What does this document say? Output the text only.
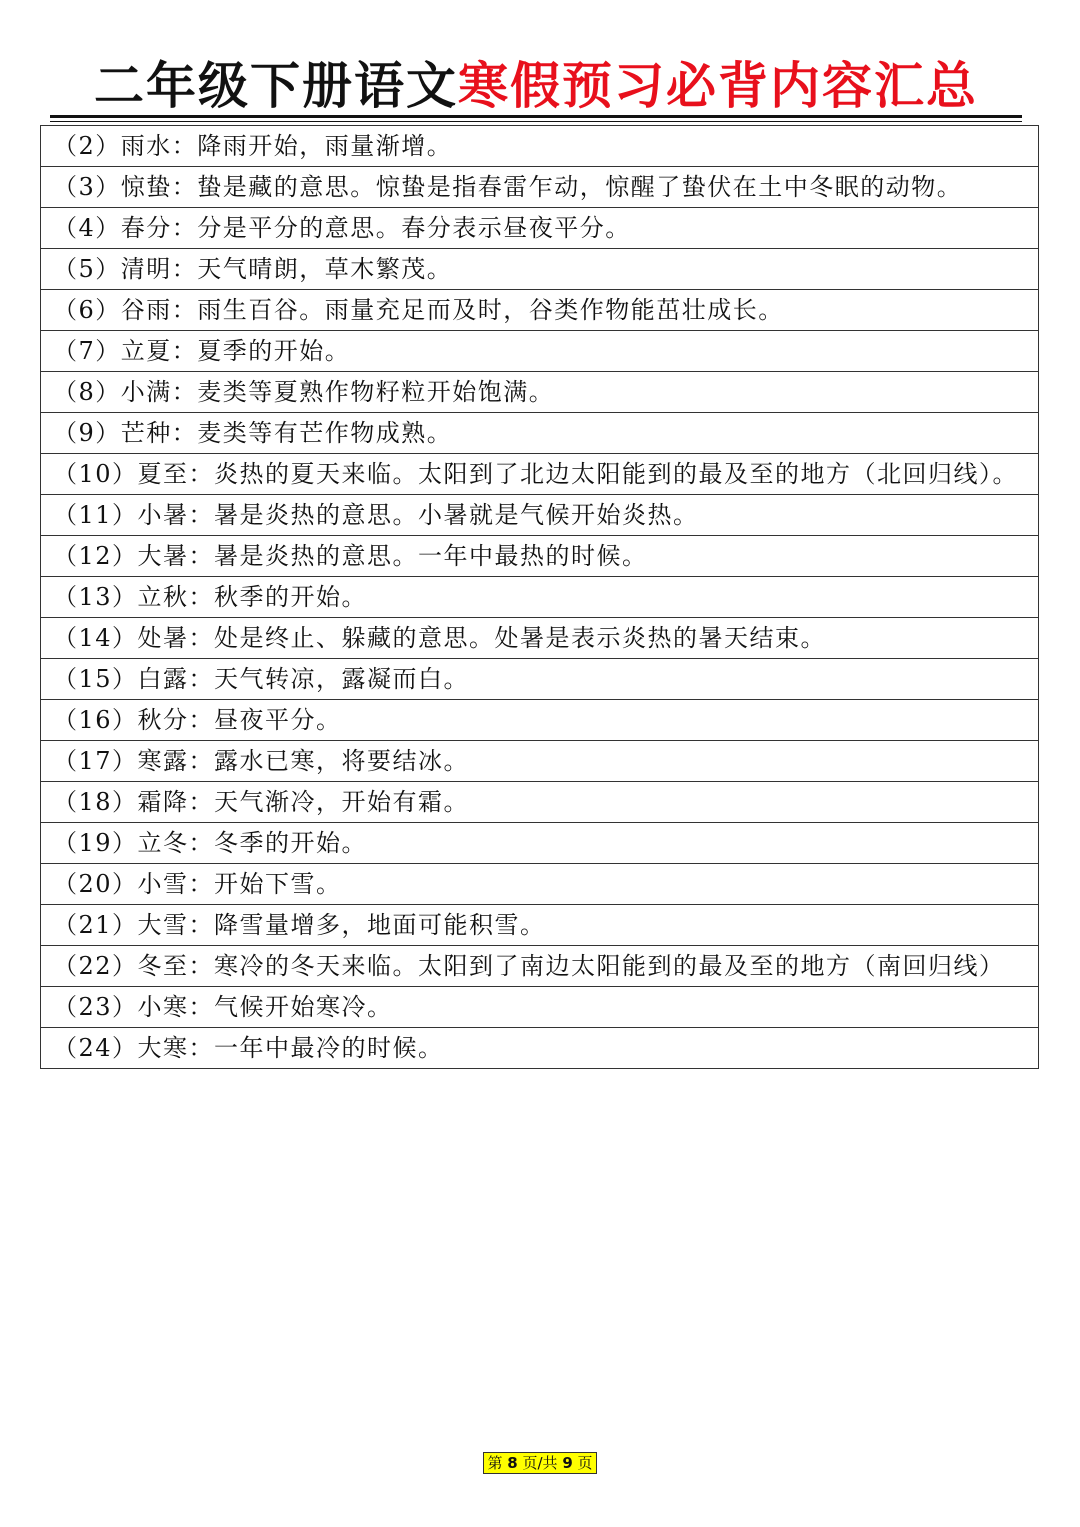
二年级下册语文寒假预习必背内容汇总
（2）雨水：降雨开始，雨量渐增。
（3）惊蛰：蛰是藏的意思。惊蛰是指春雷乍动，惊醒了蛰伏在土中冬眠的动物。
（4）春分：分是平分的意思。春分表示昼夜平分。
（5）清明：天气晴朗，草木繁茂。
（6）谷雨：雨生百谷。雨量充足而及时，谷类作物能茁壮成长。
（7）立夏：夏季的开始。
（8）小满：麦类等夏熟作物籽粒开始饱满。
（9）芒种：麦类等有芒作物成熟。
（10）夏至：炎热的夏天来临。太阳到了北边太阳能到的最及至的地方（北回归线）。
（11）小暑：暑是炎热的意思。小暑就是气候开始炎热。
（12）大暑：暑是炎热的意思。一年中最热的时候。
（13）立秋：秋季的开始。
（14）处暑：处是终止、躲藏的意思。处暑是表示炎热的暑天结束。
（15）白露：天气转凉，露凝而白。
（16）秋分：昼夜平分。
（17）寒露：露水已寒，将要结冰。
（18）霜降：天气渐冷，开始有霜。
（19）立冬：冬季的开始。
（20）小雪：开始下雪。
（21）大雪：降雪量增多，地面可能积雪。
（22）冬至：寒冷的冬天来临。太阳到了南边太阳能到的最及至的地方（南回归线）
（23）小寒：气候开始寒冷。
（24）大寒：一年中最冷的时候。
第 8 页/共 9 页
